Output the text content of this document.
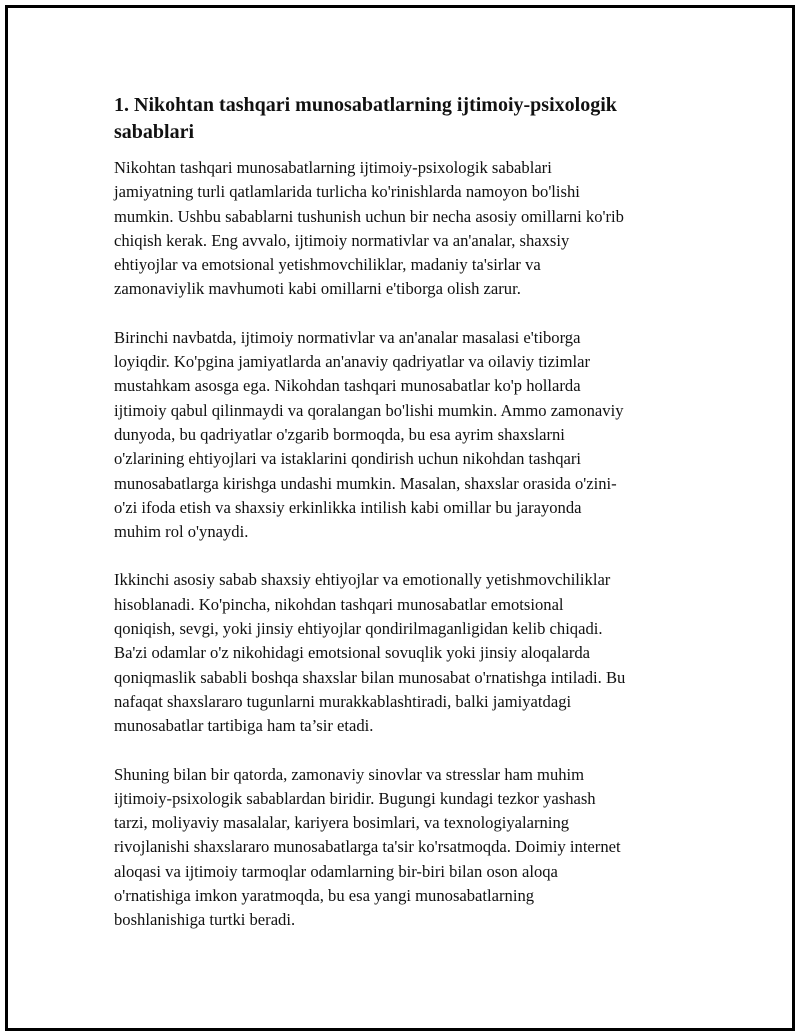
1. Nikohtan tashqari munosabatlarning ijtimoiy-psixologik
sabablari

Nikohtan tashqari munosabatlarning ijtimoiy-psixologik sabablari
jamiyatning turli qatlamlarida turlicha ko'rinishlarda namoyon bo'lishi
mumkin. Ushbu sabablarni tushunish uchun bir necha asosiy omillarni ko'rib
chiqish kerak. Eng avvalo, ijtimoiy normativlar va an'analar, shaxsiy
ehtiyojlar va emotsional yetishmovchiliklar, madaniy ta'sirlar va
zamonaviylik mavhumoti kabi omillarni e'tiborga olish zarur.

Birinchi navbatda, ijtimoiy normativlar va an'analar masalasi e'tiborga
loyiqdir. Ko'pgina jamiyatlarda an'anaviy qadriyatlar va oilaviy tizimlar
mustahkam asosga ega. Nikohdan tashqari munosabatlar ko'p hollarda
ijtimoiy qabul qilinmaydi va qoralangan bo'lishi mumkin. Ammo zamonaviy
dunyoda, bu qadriyatlar o'zgarib bormoqda, bu esa ayrim shaxslarni
o'zlarining ehtiyojlari va istaklarini qondirish uchun nikohdan tashqari
munosabatlarga kirishga undashi mumkin. Masalan, shaxslar orasida o'zini-
o'zi ifoda etish va shaxsiy erkinlikka intilish kabi omillar bu jarayonda
muhim rol o'ynaydi.

Ikkinchi asosiy sabab shaxsiy ehtiyojlar va emotionally yetishmovchiliklar
hisoblanadi. Ko'pincha, nikohdan tashqari munosabatlar emotsional
qoniqish, sevgi, yoki jinsiy ehtiyojlar qondirilmaganligidan kelib chiqadi.
Ba'zi odamlar o'z nikohidagi emotsional sovuqlik yoki jinsiy aloqalarda
qoniqmaslik sababli boshqa shaxslar bilan munosabat o'rnatishga intiladi. Bu
nafaqat shaxslararo tugunlarni murakkablashtiradi, balki jamiyatdagi
munosabatlar tartibiga ham ta’sir etadi.

Shuning bilan bir qatorda, zamonaviy sinovlar va stresslar ham muhim
ijtimoiy-psixologik sabablardan biridir. Bugungi kundagi tezkor yashash
tarzi, moliyaviy masalalar, kariyera bosimlari, va texnologiyalarning
rivojlanishi shaxslararo munosabatlarga ta'sir ko'rsatmoqda. Doimiy internet
aloqasi va ijtimoiy tarmoqlar odamlarning bir-biri bilan oson aloqa
o'rnatishiga imkon yaratmoqda, bu esa yangi munosabatlarning
boshlanishiga turtki beradi.
